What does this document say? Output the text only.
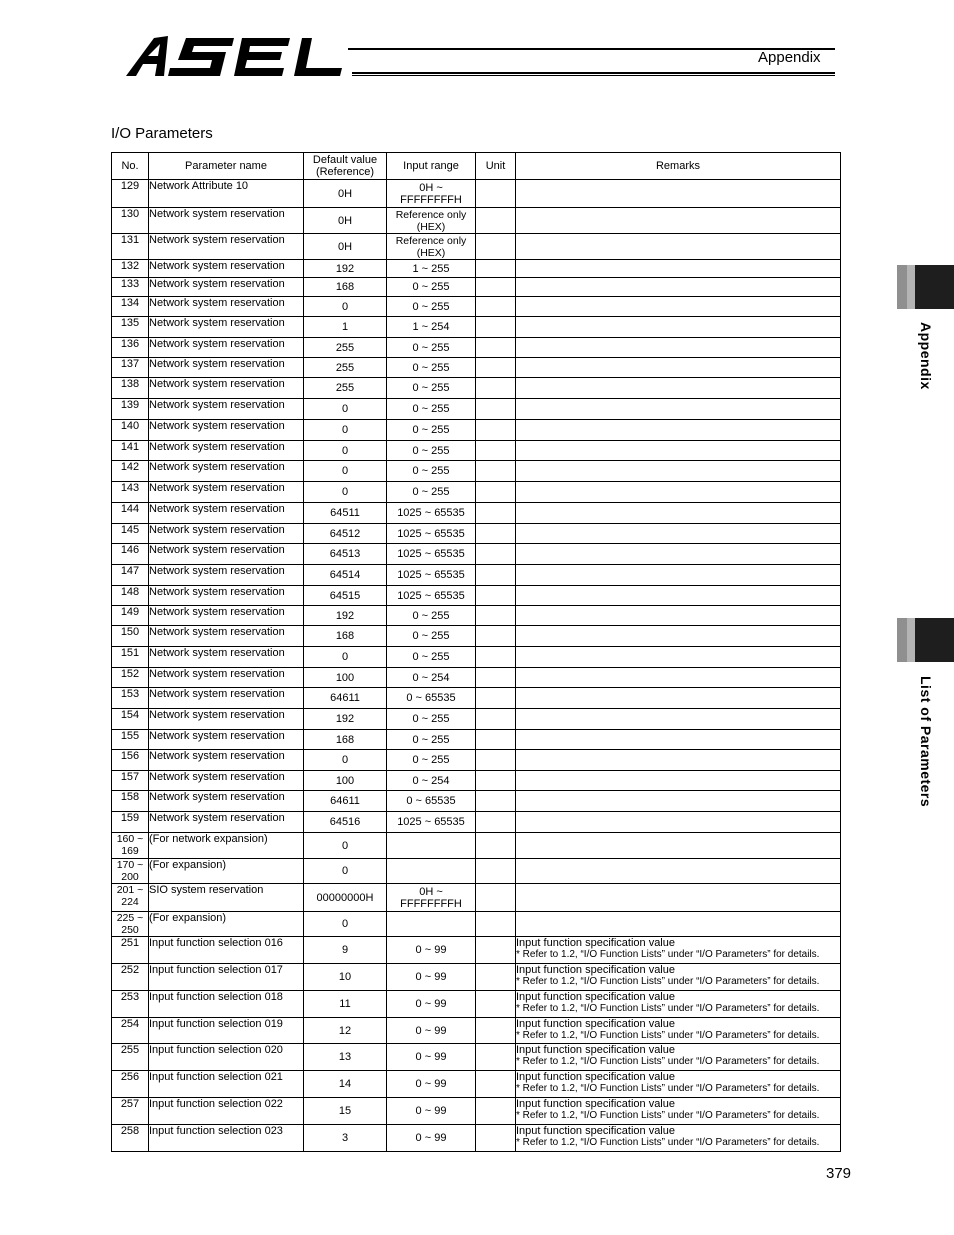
Appendix
I/O Parameters
No.	Parameter name	Default value (Reference)	Input range	Unit	Remarks
129	Network Attribute 10	0H	0H ~ FFFFFFFFH		
130	Network system reservation	0H	Reference only (HEX)		
131	Network system reservation	0H	Reference only (HEX)		
132	Network system reservation	192	1 ~ 255		
133	Network system reservation	168	0 ~ 255		
134	Network system reservation	0	0 ~ 255		
135	Network system reservation	1	1 ~ 254		
136	Network system reservation	255	0 ~ 255		
137	Network system reservation	255	0 ~ 255		
138	Network system reservation	255	0 ~ 255		
139	Network system reservation	0	0 ~ 255		
140	Network system reservation	0	0 ~ 255		
141	Network system reservation	0	0 ~ 255		
142	Network system reservation	0	0 ~ 255		
143	Network system reservation	0	0 ~ 255		
144	Network system reservation	64511	1025 ~ 65535		
145	Network system reservation	64512	1025 ~ 65535		
146	Network system reservation	64513	1025 ~ 65535		
147	Network system reservation	64514	1025 ~ 65535		
148	Network system reservation	64515	1025 ~ 65535		
149	Network system reservation	192	0 ~ 255		
150	Network system reservation	168	0 ~ 255		
151	Network system reservation	0	0 ~ 255		
152	Network system reservation	100	0 ~ 254		
153	Network system reservation	64611	0 ~ 65535		
154	Network system reservation	192	0 ~ 255		
155	Network system reservation	168	0 ~ 255		
156	Network system reservation	0	0 ~ 255		
157	Network system reservation	100	0 ~ 254		
158	Network system reservation	64611	0 ~ 65535		
159	Network system reservation	64516	1025 ~ 65535		
160 ~ 169	(For network expansion)	0			
170 ~ 200	(For expansion)	0			
201 ~ 224	SIO system reservation	00000000H	0H ~ FFFFFFFFH		
225 ~ 250	(For expansion)	0			
251	Input function selection 016	9	0 ~ 99		Input function specification value
* Refer to 1.2, “I/O Function Lists” under “I/O Parameters” for details.

252	Input function selection 017	10	0 ~ 99		Input function specification value
* Refer to 1.2, “I/O Function Lists” under “I/O Parameters” for details.

253	Input function selection 018	11	0 ~ 99		Input function specification value
* Refer to 1.2, “I/O Function Lists” under “I/O Parameters” for details.

254	Input function selection 019	12	0 ~ 99		Input function specification value
* Refer to 1.2, “I/O Function Lists” under “I/O Parameters” for details.

255	Input function selection 020	13	0 ~ 99		Input function specification value
* Refer to 1.2, “I/O Function Lists” under “I/O Parameters” for details.

256	Input function selection 021	14	0 ~ 99		Input function specification value
* Refer to 1.2, “I/O Function Lists” under “I/O Parameters” for details.

257	Input function selection 022	15	0 ~ 99		Input function specification value
* Refer to 1.2, “I/O Function Lists” under “I/O Parameters” for details.

258	Input function selection 023	3	0 ~ 99		Input function specification value
* Refer to 1.2, “I/O Function Lists” under “I/O Parameters” for details.
Appendix
List of Parameters
379
